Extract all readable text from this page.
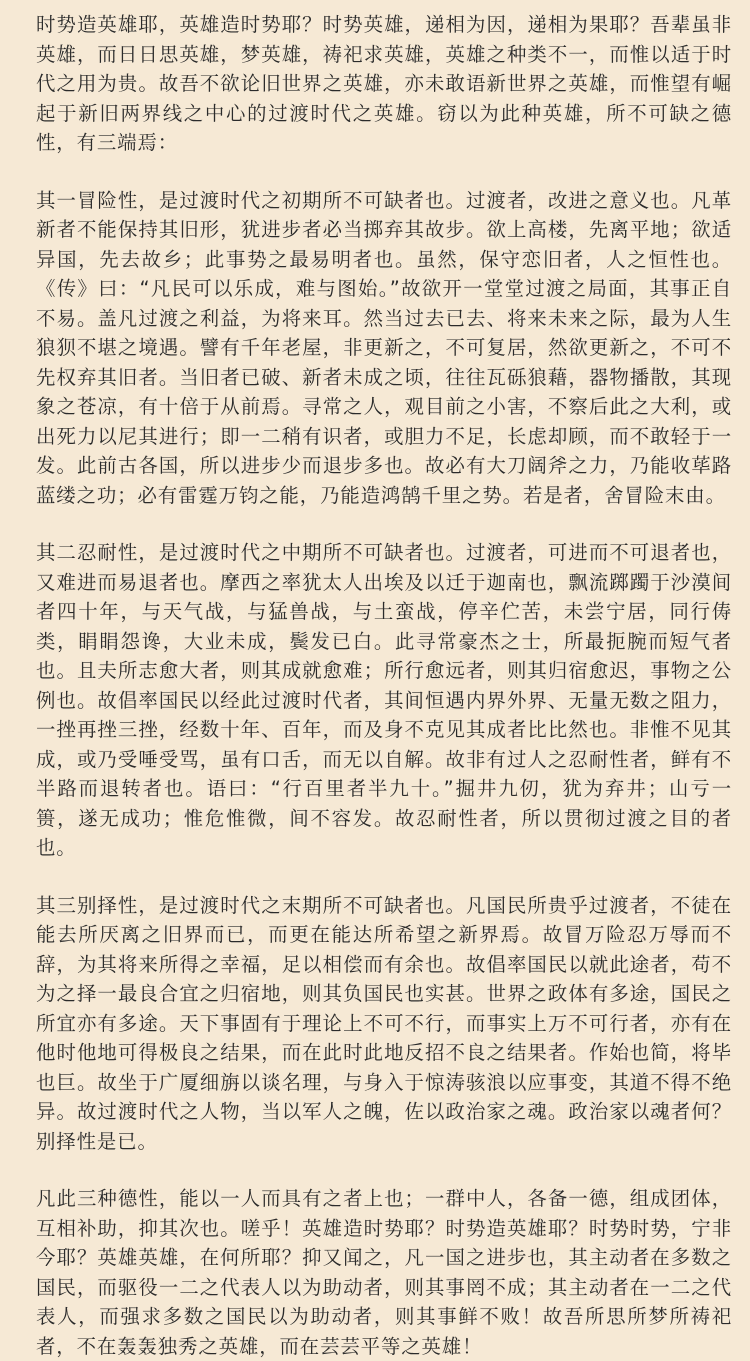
时势造英雄耶，英雄造时势耶？时势英雄，递相为因，递相为果耶？吾辈虽非英雄，而日日思英雄，梦英雄，祷祀求英雄，英雄之种类不一，而惟以适于时代之用为贵。故吾不欲论旧世界之英雄，亦未敢语新世界之英雄，而惟望有崛起于新旧两界线之中心的过渡时代之英雄。窃以为此种英雄，所不可缺之德性，有三端焉：

其一冒险性，是过渡时代之初期所不可缺者也。过渡者，改进之意义也。凡革新者不能保持其旧形，犹进步者必当掷弃其故步。欲上高楼，先离平地；欲适异国，先去故乡；此事势之最易明者也。虽然，保守恋旧者，人之恒性也。《传》曰：“凡民可以乐成，难与图始。”故欲开一堂堂过渡之局面，其事正自不易。盖凡过渡之利益，为将来耳。然当过去已去、将来未来之际，最为人生狼狈不堪之境遇。譬有千年老屋，非更新之，不可复居，然欲更新之，不可不先权弃其旧者。当旧者已破、新者未成之顷，往往瓦砾狼藉，器物播散，其现象之苍凉，有十倍于从前焉。寻常之人，观目前之小害，不察后此之大利，或出死力以尼其进行；即一二稍有识者，或胆力不足，长虑却顾，而不敢轻于一发。此前古各国，所以进步少而退步多也。故必有大刀阔斧之力，乃能收荜路蓝缕之功；必有雷霆万钧之能，乃能造鸿鹄千里之势。若是者，舍冒险末由。

其二忍耐性，是过渡时代之中期所不可缺者也。过渡者，可进而不可退者也，又难进而易退者也。摩西之率犹太人出埃及以迁于迦南也，飘流踯躅于沙漠间者四十年，与天气战，与猛兽战，与土蛮战，停辛伫苦，未尝宁居，同行俦类，睊睊怨谗，大业未成，鬓发已白。此寻常豪杰之士，所最扼腕而短气者也。且夫所志愈大者，则其成就愈难；所行愈远者，则其归宿愈迟，事物之公例也。故倡率国民以经此过渡时代者，其间恒遇内界外界、无量无数之阻力，一挫再挫三挫，经数十年、百年，而及身不克见其成者比比然也。非惟不见其成，或乃受唾受骂，虽有口舌，而无以自解。故非有过人之忍耐性者，鲜有不半路而退转者也。语曰：“行百里者半九十。”掘井九仞，犹为弃井；山亏一篑，遂无成功；惟危惟微，间不容发。故忍耐性者，所以贯彻过渡之目的者也。

其三别择性，是过渡时代之末期所不可缺者也。凡国民所贵乎过渡者，不徒在能去所厌离之旧界而已，而更在能达所希望之新界焉。故冒万险忍万辱而不辞，为其将来所得之幸福，足以相偿而有余也。故倡率国民以就此途者，苟不为之择一最良合宜之归宿地，则其负国民也实甚。世界之政体有多途，国民之所宜亦有多途。天下事固有于理论上不可不行，而事实上万不可行者，亦有在他时他地可得极良之结果，而在此时此地反招不良之结果者。作始也简，将毕也巨。故坐于广厦细旃以谈名理，与身入于惊涛骇浪以应事变，其道不得不绝异。故过渡时代之人物，当以军人之魄，佐以政治家之魂。政治家以魂者何？别择性是已。

凡此三种德性，能以一人而具有之者上也；一群中人，各备一德，组成团体，互相补助，抑其次也。嗟乎！英雄造时势耶？时势造英雄耶？时势时势，宁非今耶？英雄英雄，在何所耶？抑又闻之，凡一国之进步也，其主动者在多数之国民，而驱役一二之代表人以为助动者，则其事罔不成；其主动者在一二之代表人，而强求多数之国民以为助动者，则其事鲜不败！故吾所思所梦所祷祀者，不在轰轰独秀之英雄，而在芸芸平等之英雄！
